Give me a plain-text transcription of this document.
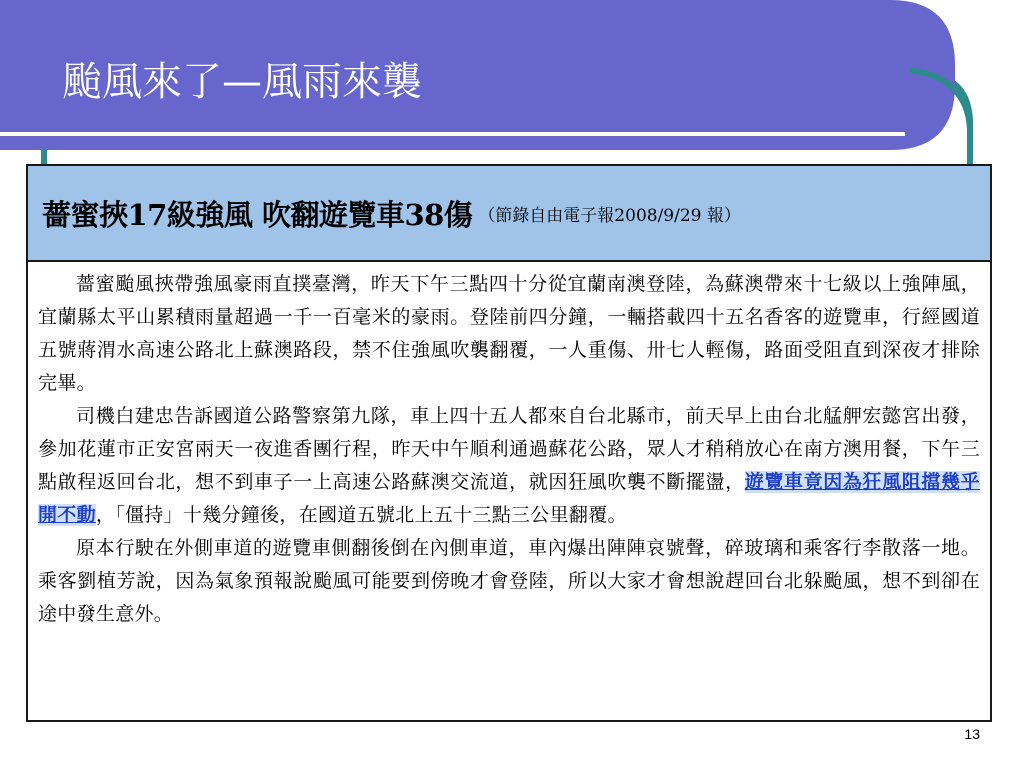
颱風來了—風雨來襲
薔蜜挾17級強風 吹翻遊覽車38傷 （節錄自由電子報2008/9/29 報）

薔蜜颱風挾帶強風豪雨直撲臺灣，昨天下午三點四十分從宜蘭南澳登陸，為蘇澳帶來十七級以上強陣風，宜蘭縣太平山累積雨量超過一千一百毫米的豪雨。登陸前四分鐘，一輛搭載四十五名香客的遊覽車，行經國道五號蔣渭水高速公路北上蘇澳路段，禁不住強風吹襲翻覆，一人重傷、卅七人輕傷，路面受阻直到深夜才排除完畢。

司機白建忠告訴國道公路警察第九隊，車上四十五人都來自台北縣市，前天早上由台北艋舺宏懿宮出發，參加花蓮市正安宮兩天一夜進香團行程，昨天中午順利通過蘇花公路，眾人才稍稍放心在南方澳用餐，下午三點啟程返回台北，想不到車子一上高速公路蘇澳交流道，就因狂風吹襲不斷擺盪，遊覽車竟因為狂風阻擋幾乎開不動，「僵持」十幾分鐘後，在國道五號北上五十三點三公里翻覆。

原本行駛在外側車道的遊覽車側翻後倒在內側車道，車內爆出陣陣哀號聲，碎玻璃和乘客行李散落一地。乘客劉植芳說，因為氣象預報說颱風可能要到傍晚才會登陸，所以大家才會想說趕回台北躲颱風，想不到卻在途中發生意外。

13
